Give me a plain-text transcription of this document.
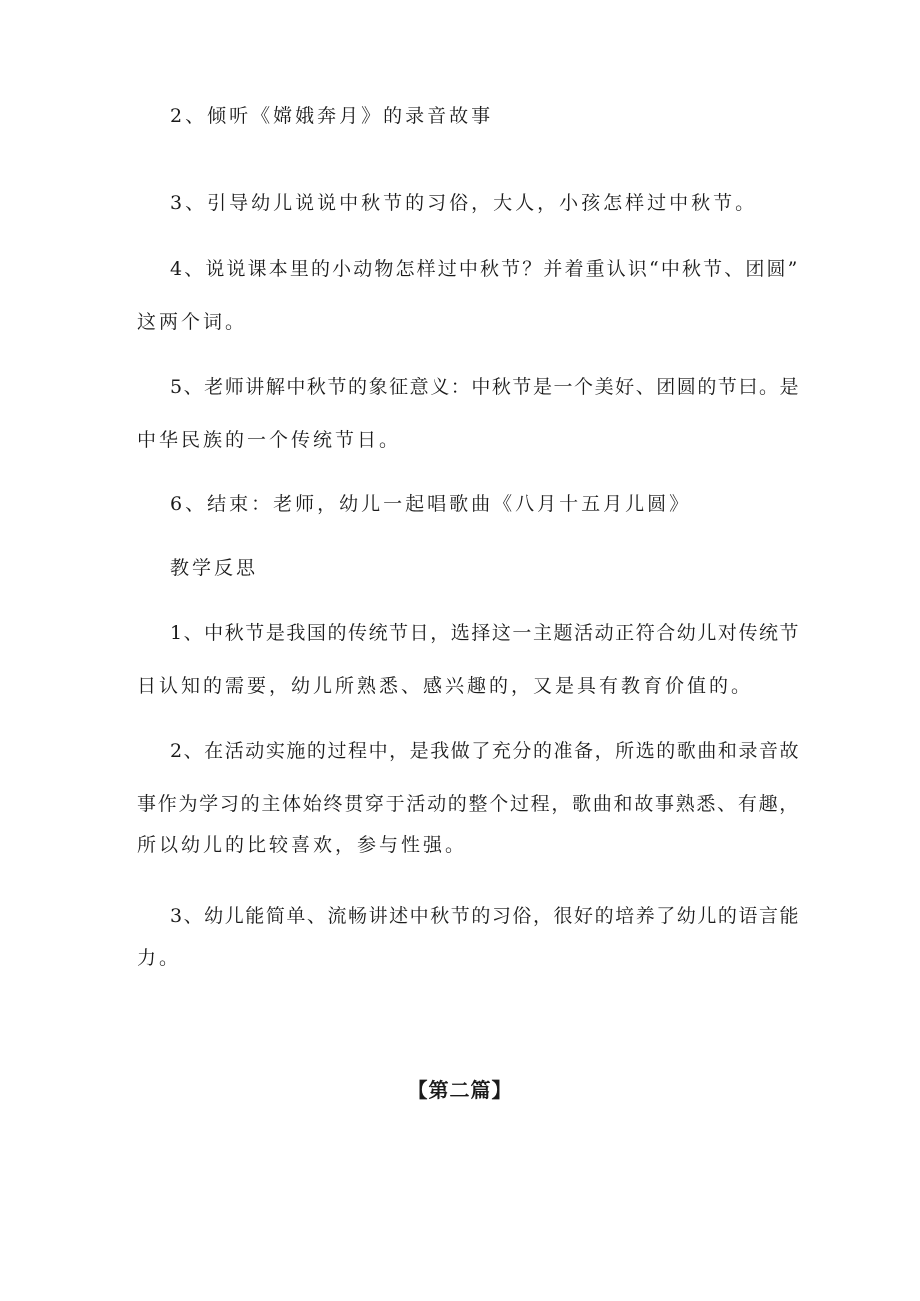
2、倾听《嫦娥奔月》的录音故事
3、引导幼儿说说中秋节的习俗，大人，小孩怎样过中秋节。
4、说说课本里的小动物怎样过中秋节？并着重认识“中秋节、团圆”
这两个词。
5、老师讲解中秋节的象征意义：中秋节是一个美好、团圆的节曰。是
中华民族的一个传统节日。
6、结束：老师，幼儿一起唱歌曲《八月十五月儿圆》
教学反思
1、中秋节是我国的传统节日，选择这一主题活动正符合幼儿对传统节
日认知的需要，幼儿所熟悉、感兴趣的，又是具有教育价值的。
2、在活动实施的过程中，是我做了充分的准备，所选的歌曲和录音故
事作为学习的主体始终贯穿于活动的整个过程，歌曲和故事熟悉、有趣，
所以幼儿的比较喜欢，参与性强。
3、幼儿能简单、流畅讲述中秋节的习俗，很好的培养了幼儿的语言能
力。
【第二篇】
